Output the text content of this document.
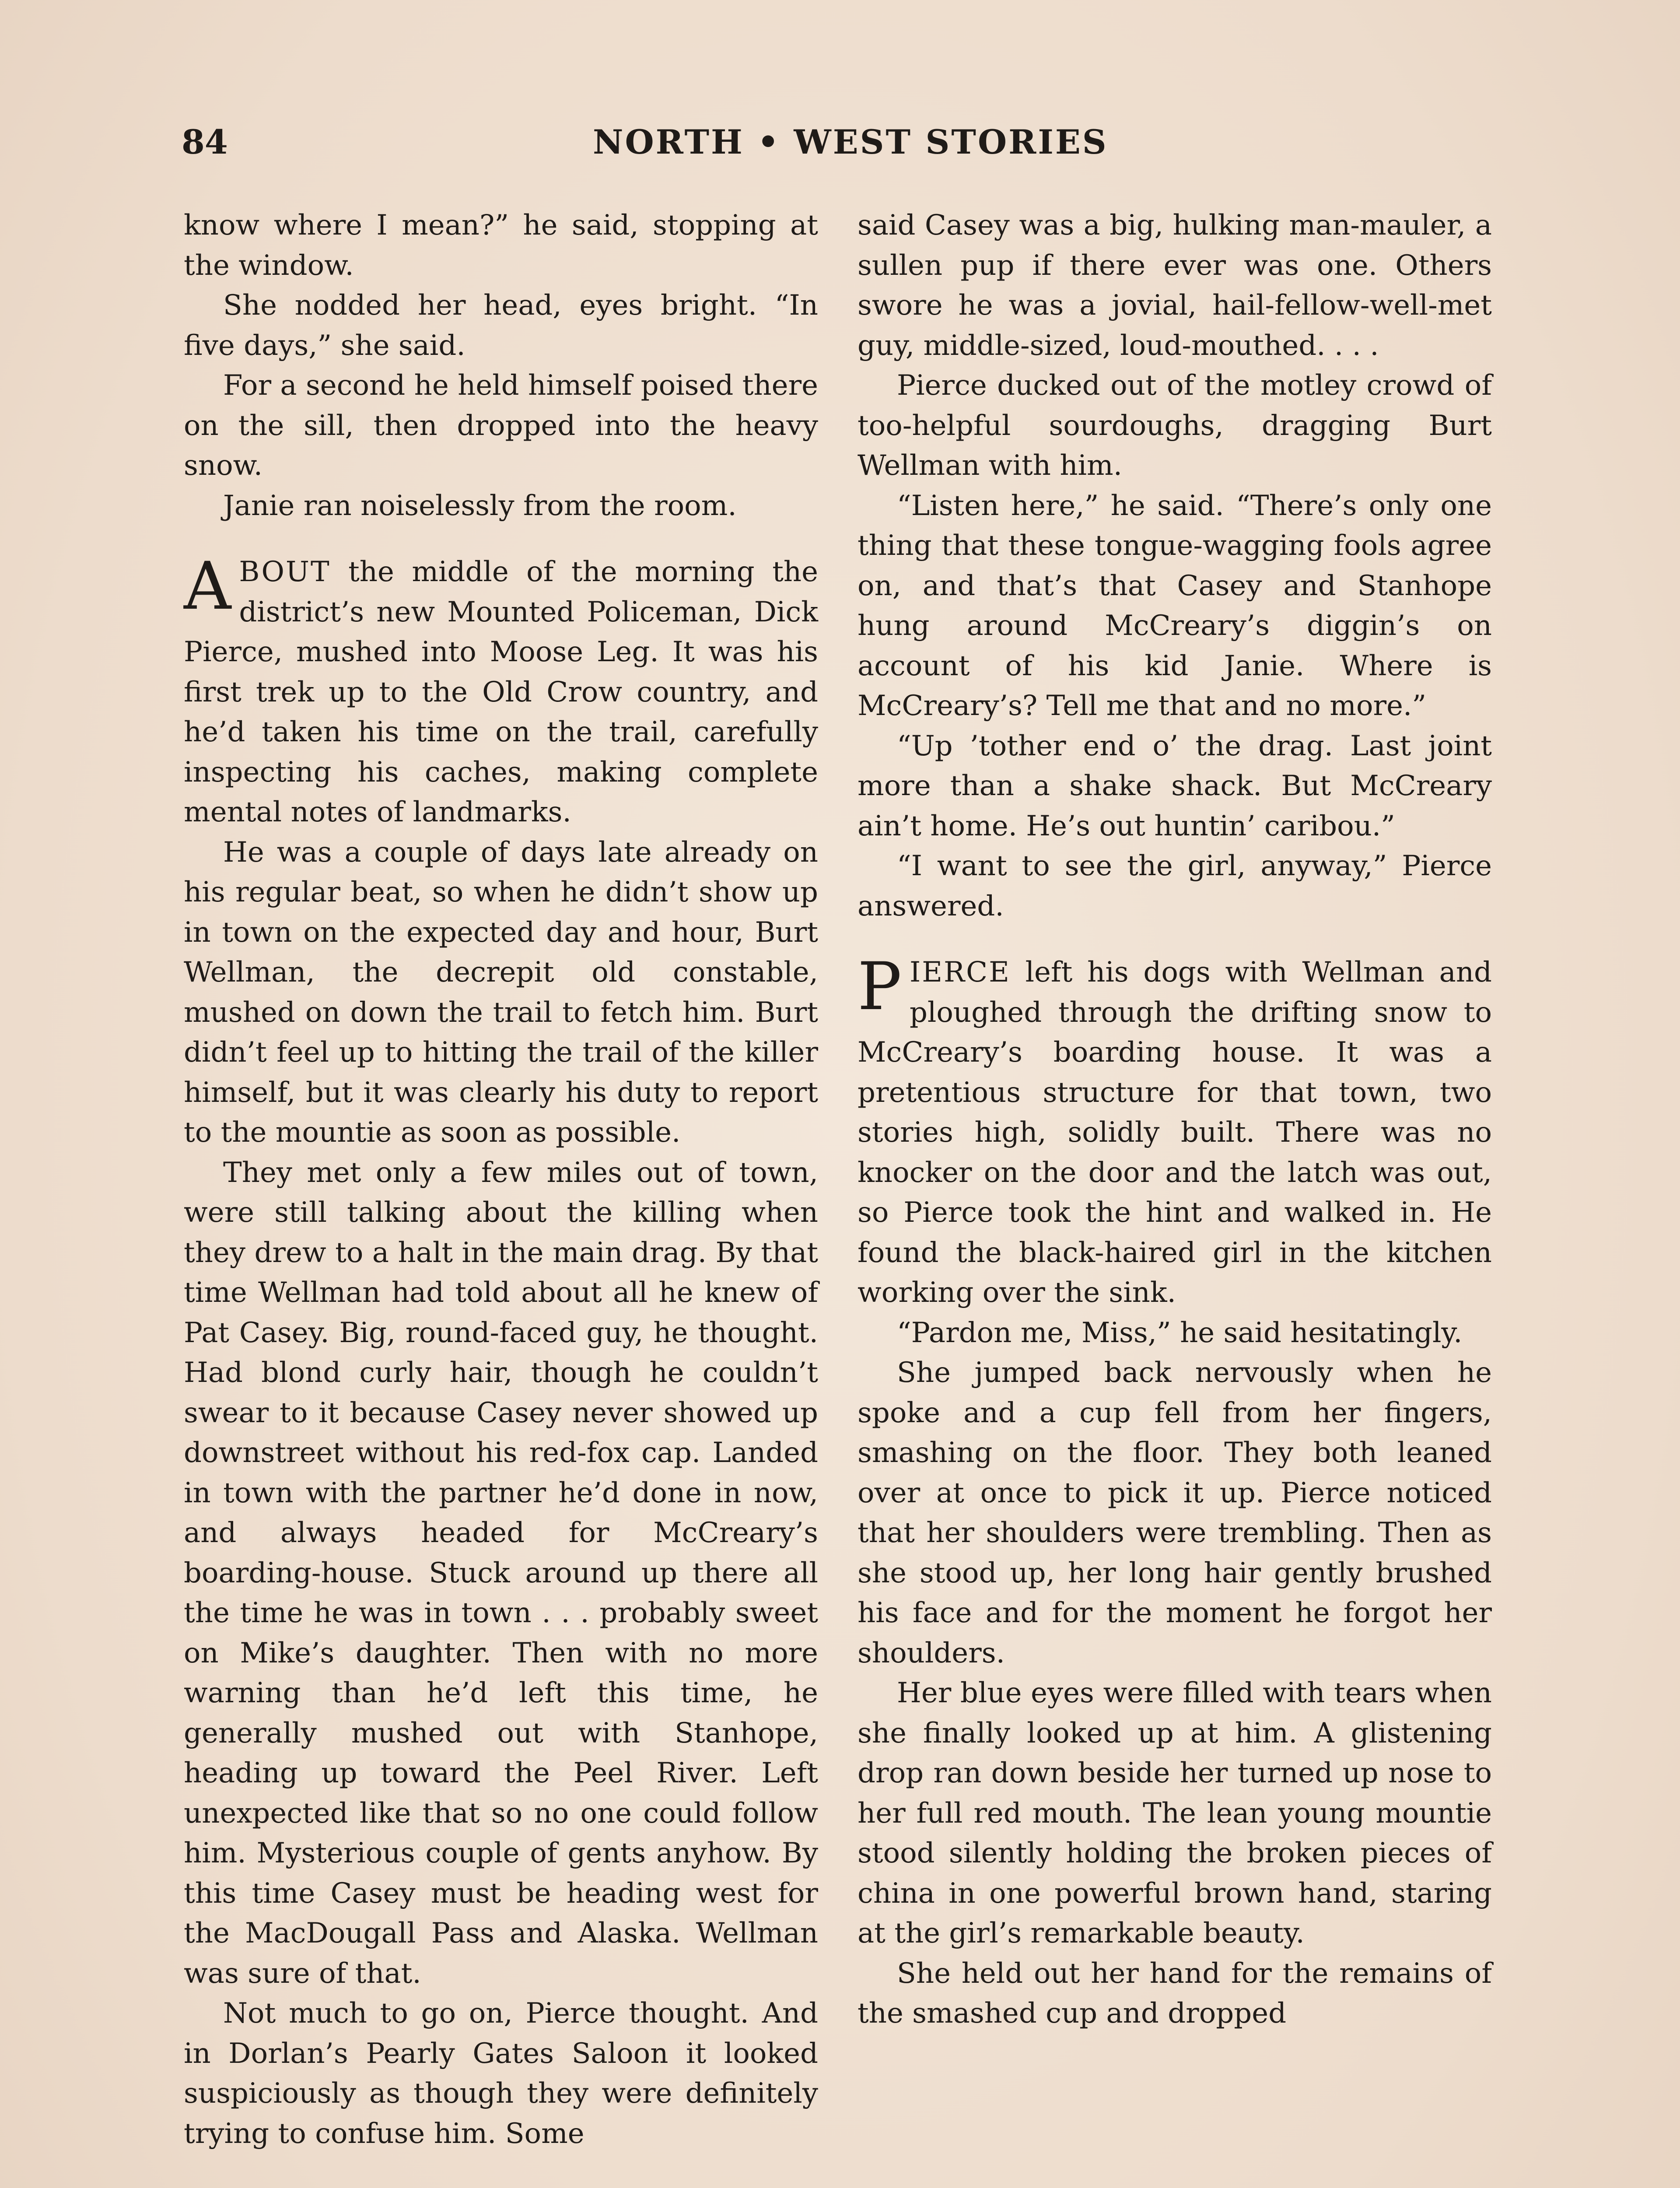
84	NORTH • WEST STORIES

know where I mean?” he said, stopping at the window.

She nodded her head, eyes bright. “In five days,” she said.

For a second he held himself poised there on the sill, then dropped into the heavy snow.

Janie ran noiselessly from the room.

ABOUT the middle of the morning the district’s new Mounted Policeman, Dick Pierce, mushed into Moose Leg. It was his first trek up to the Old Crow country, and he’d taken his time on the trail, carefully inspecting his caches, making complete mental notes of landmarks.

He was a couple of days late already on his regular beat, so when he didn’t show up in town on the expected day and hour, Burt Wellman, the decrepit old constable, mushed on down the trail to fetch him. Burt didn’t feel up to hitting the trail of the killer himself, but it was clearly his duty to report to the mountie as soon as possible.

They met only a few miles out of town, were still talking about the killing when they drew to a halt in the main drag. By that time Wellman had told about all he knew of Pat Casey. Big, round-faced guy, he thought. Had blond curly hair, though he couldn’t swear to it because Casey never showed up downstreet without his red-fox cap. Landed in town with the partner he’d done in now, and always headed for McCreary’s boarding-house. Stuck around up there all the time he was in town . . . probably sweet on Mike’s daughter. Then with no more warning than he’d left this time, he generally mushed out with Stanhope, heading up toward the Peel River. Left unexpected like that so no one could follow him. Mysterious couple of gents anyhow. By this time Casey must be heading west for the MacDougall Pass and Alaska. Wellman was sure of that.

Not much to go on, Pierce thought. And in Dorlan’s Pearly Gates Saloon it looked suspiciously as though they were definitely trying to confuse him. Some

said Casey was a big, hulking man-mauler, a sullen pup if there ever was one. Others swore he was a jovial, hail-fellow-well-met guy, middle-sized, loud-mouthed. . . .

Pierce ducked out of the motley crowd of too-helpful sourdoughs, dragging Burt Wellman with him.

“Listen here,” he said. “There’s only one thing that these tongue-wagging fools agree on, and that’s that Casey and Stanhope hung around McCreary’s diggin’s on account of his kid Janie. Where is McCreary’s? Tell me that and no more.”

“Up ’tother end o’ the drag. Last joint more than a shake shack. But McCreary ain’t home. He’s out huntin’ caribou.”

“I want to see the girl, anyway,” Pierce answered.

PIERCE left his dogs with Wellman and ploughed through the drifting snow to McCreary’s boarding house. It was a pretentious structure for that town, two stories high, solidly built. There was no knocker on the door and the latch was out, so Pierce took the hint and walked in. He found the black-haired girl in the kitchen working over the sink.

“Pardon me, Miss,” he said hesitatingly.

She jumped back nervously when he spoke and a cup fell from her fingers, smashing on the floor. They both leaned over at once to pick it up. Pierce noticed that her shoulders were trembling. Then as she stood up, her long hair gently brushed his face and for the moment he forgot her shoulders.

Her blue eyes were filled with tears when she finally looked up at him. A glistening drop ran down beside her turned up nose to her full red mouth. The lean young mountie stood silently holding the broken pieces of china in one powerful brown hand, staring at the girl’s remarkable beauty.

She held out her hand for the remains of the smashed cup and dropped
